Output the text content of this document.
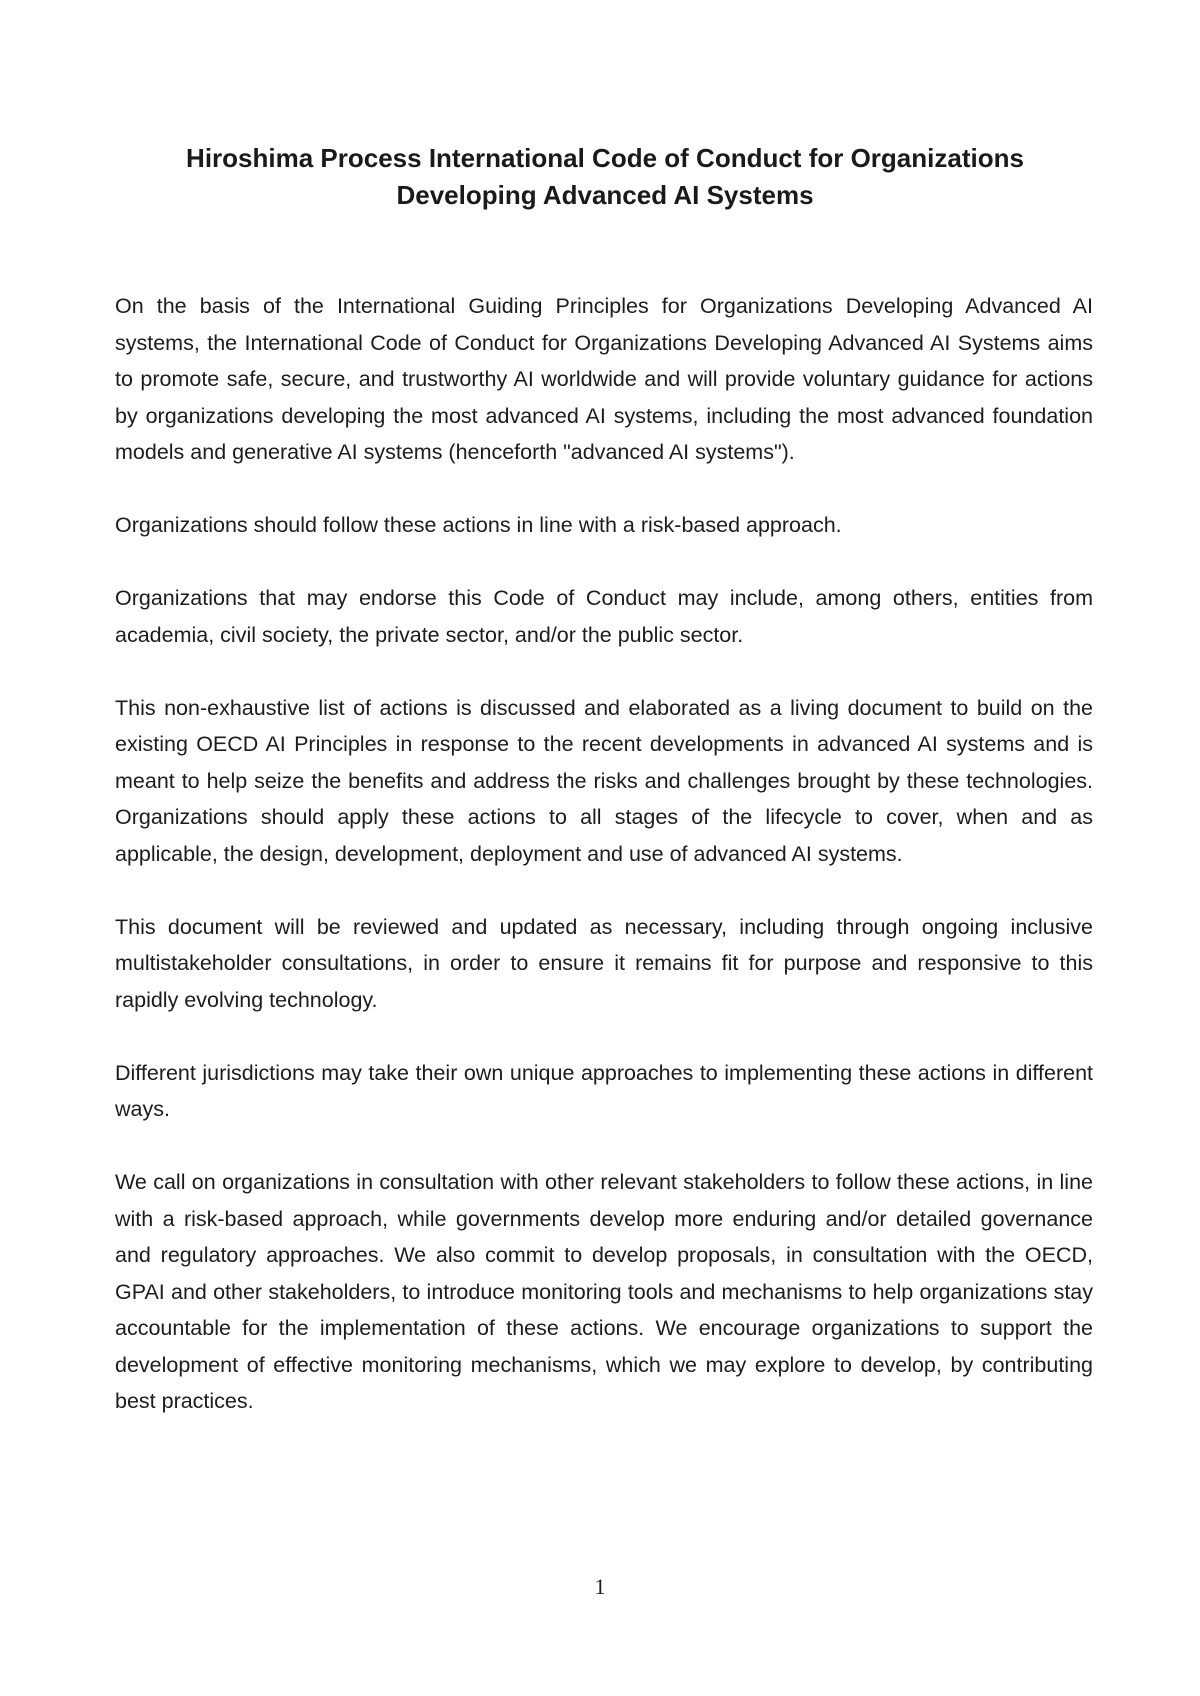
Hiroshima Process International Code of Conduct for Organizations
Developing Advanced AI Systems

On the basis of the International Guiding Principles for Organizations Developing Advanced AI systems, the International Code of Conduct for Organizations Developing Advanced AI Systems aims to promote safe, secure, and trustworthy AI worldwide and will provide voluntary guidance for actions by organizations developing the most advanced AI systems, including the most advanced foundation models and generative AI systems (henceforth "advanced AI systems").

Organizations should follow these actions in line with a risk-based approach.

Organizations that may endorse this Code of Conduct may include, among others, entities from academia, civil society, the private sector, and/or the public sector.

This non-exhaustive list of actions is discussed and elaborated as a living document to build on the existing OECD AI Principles in response to the recent developments in advanced AI systems and is meant to help seize the benefits and address the risks and challenges brought by these technologies. Organizations should apply these actions to all stages of the lifecycle to cover, when and as applicable, the design, development, deployment and use of advanced AI systems.

This document will be reviewed and updated as necessary, including through ongoing inclusive multistakeholder consultations, in order to ensure it remains fit for purpose and responsive to this rapidly evolving technology.

Different jurisdictions may take their own unique approaches to implementing these actions in different ways.

We call on organizations in consultation with other relevant stakeholders to follow these actions, in line with a risk-based approach, while governments develop more enduring and/or detailed governance and regulatory approaches. We also commit to develop proposals, in consultation with the OECD, GPAI and other stakeholders, to introduce monitoring tools and mechanisms to help organizations stay accountable for the implementation of these actions. We encourage organizations to support the development of effective monitoring mechanisms, which we may explore to develop, by contributing best practices.

1
